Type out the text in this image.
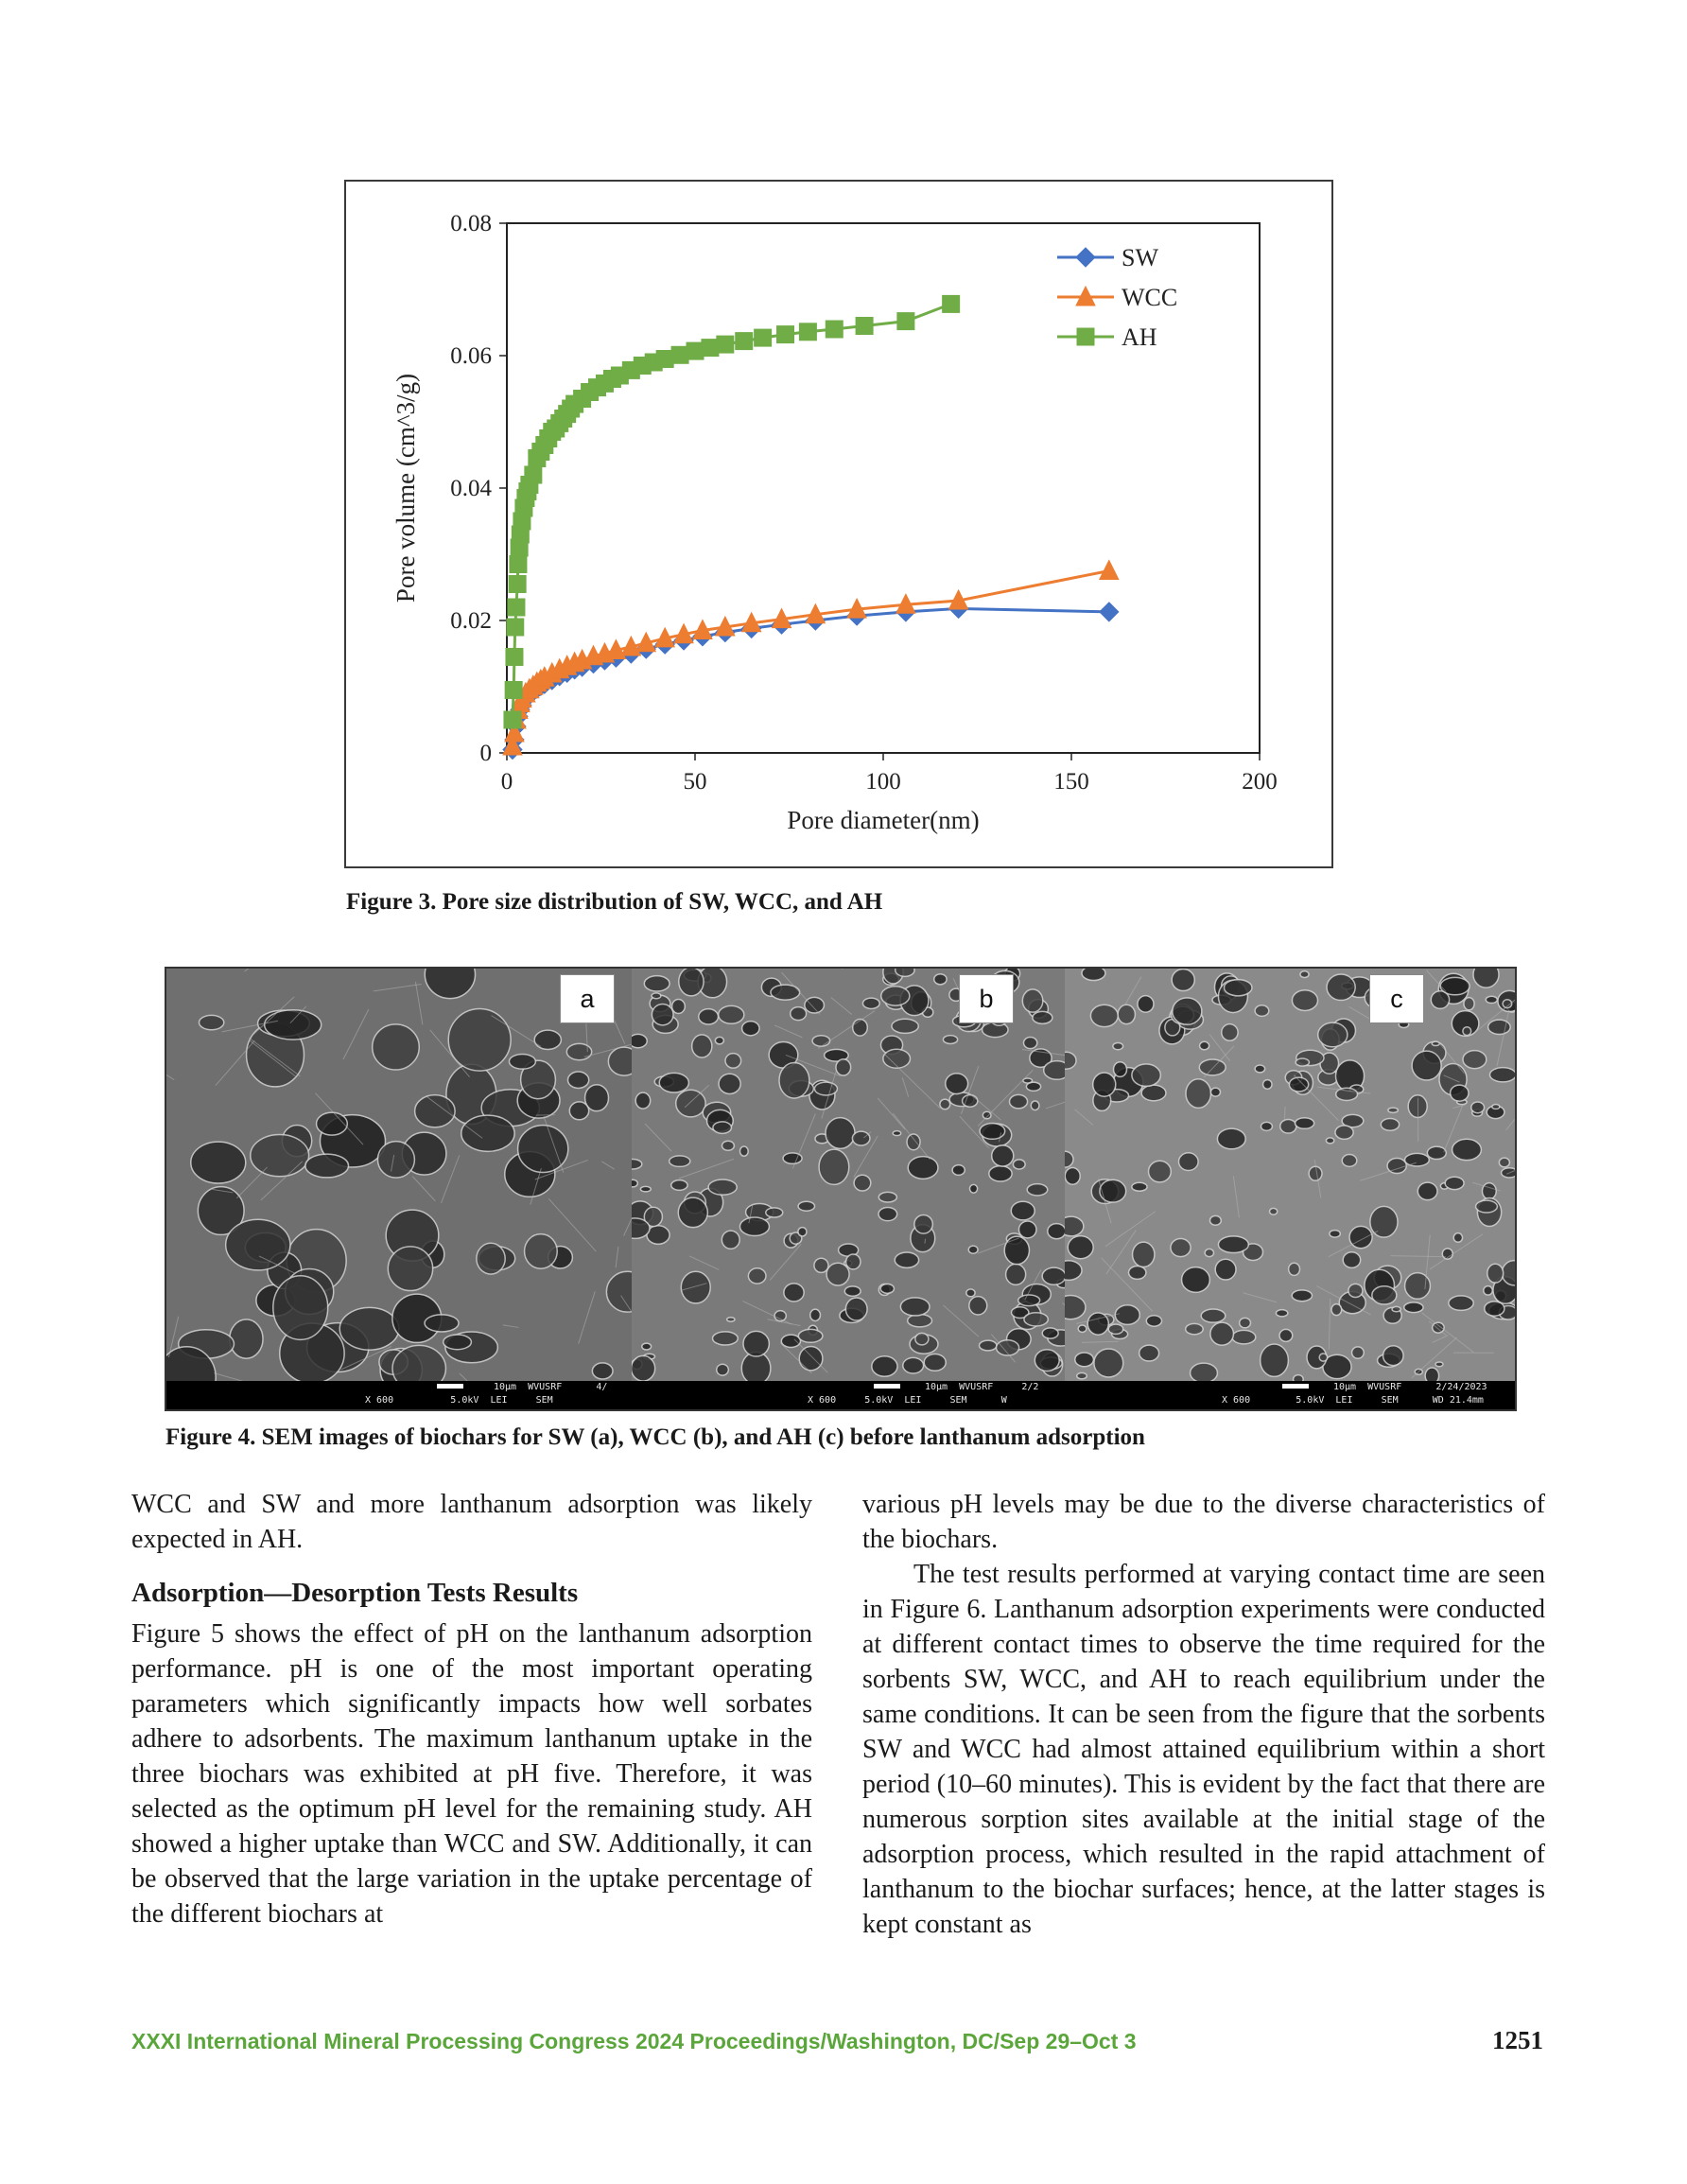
0
0.02
0.04
0.06
0.08
0	50	100	150	200
Pore diameter(nm)
Pore volume (cm^3/g)
SW
WCC
AH
Figure 3. Pore size distribution of SW, WCC, and AH
a	b	c
10µm  WVUSRF      4/
X 600          5.0kV  LEI     SEM
10µm  WVUSRF     2/2
X 600     5.0kV  LEI     SEM      W
10µm  WVUSRF      2/24/2023
X 600        5.0kV  LEI     SEM      WD 21.4mm
Figure 4. SEM images of biochars for SW (a), WCC (b), and AH (c) before lanthanum adsorption

WCC and SW and more lanthanum adsorption was likely expected in AH.

Adsorption—Desorption Tests Results

Figure 5 shows the effect of pH on the lanthanum adsorption performance. pH is one of the most important operating parameters which significantly impacts how well sorbates adhere to adsorbents. The maximum lanthanum uptake in the three biochars was exhibited at pH five. Therefore, it was selected as the optimum pH level for the remaining study. AH showed a higher uptake than WCC and SW. Additionally, it can be observed that the large variation in the uptake percentage of the different biochars at

various pH levels may be due to the diverse characteristics of the biochars.

The test results performed at varying contact time are seen in Figure 6. Lanthanum adsorption experiments were conducted at different contact times to observe the time required for the sorbents SW, WCC, and AH to reach equilibrium under the same conditions. It can be seen from the figure that the sorbents SW and WCC had almost attained equilibrium within a short period (10–60 minutes). This is evident by the fact that there are numerous sorption sites available at the initial stage of the adsorption process, which resulted in the rapid attachment of lanthanum to the biochar surfaces; hence, at the latter stages is kept constant as

XXXI International Mineral Processing Congress 2024 Proceedings/Washington, DC/Sep 29–Oct 3	1251
